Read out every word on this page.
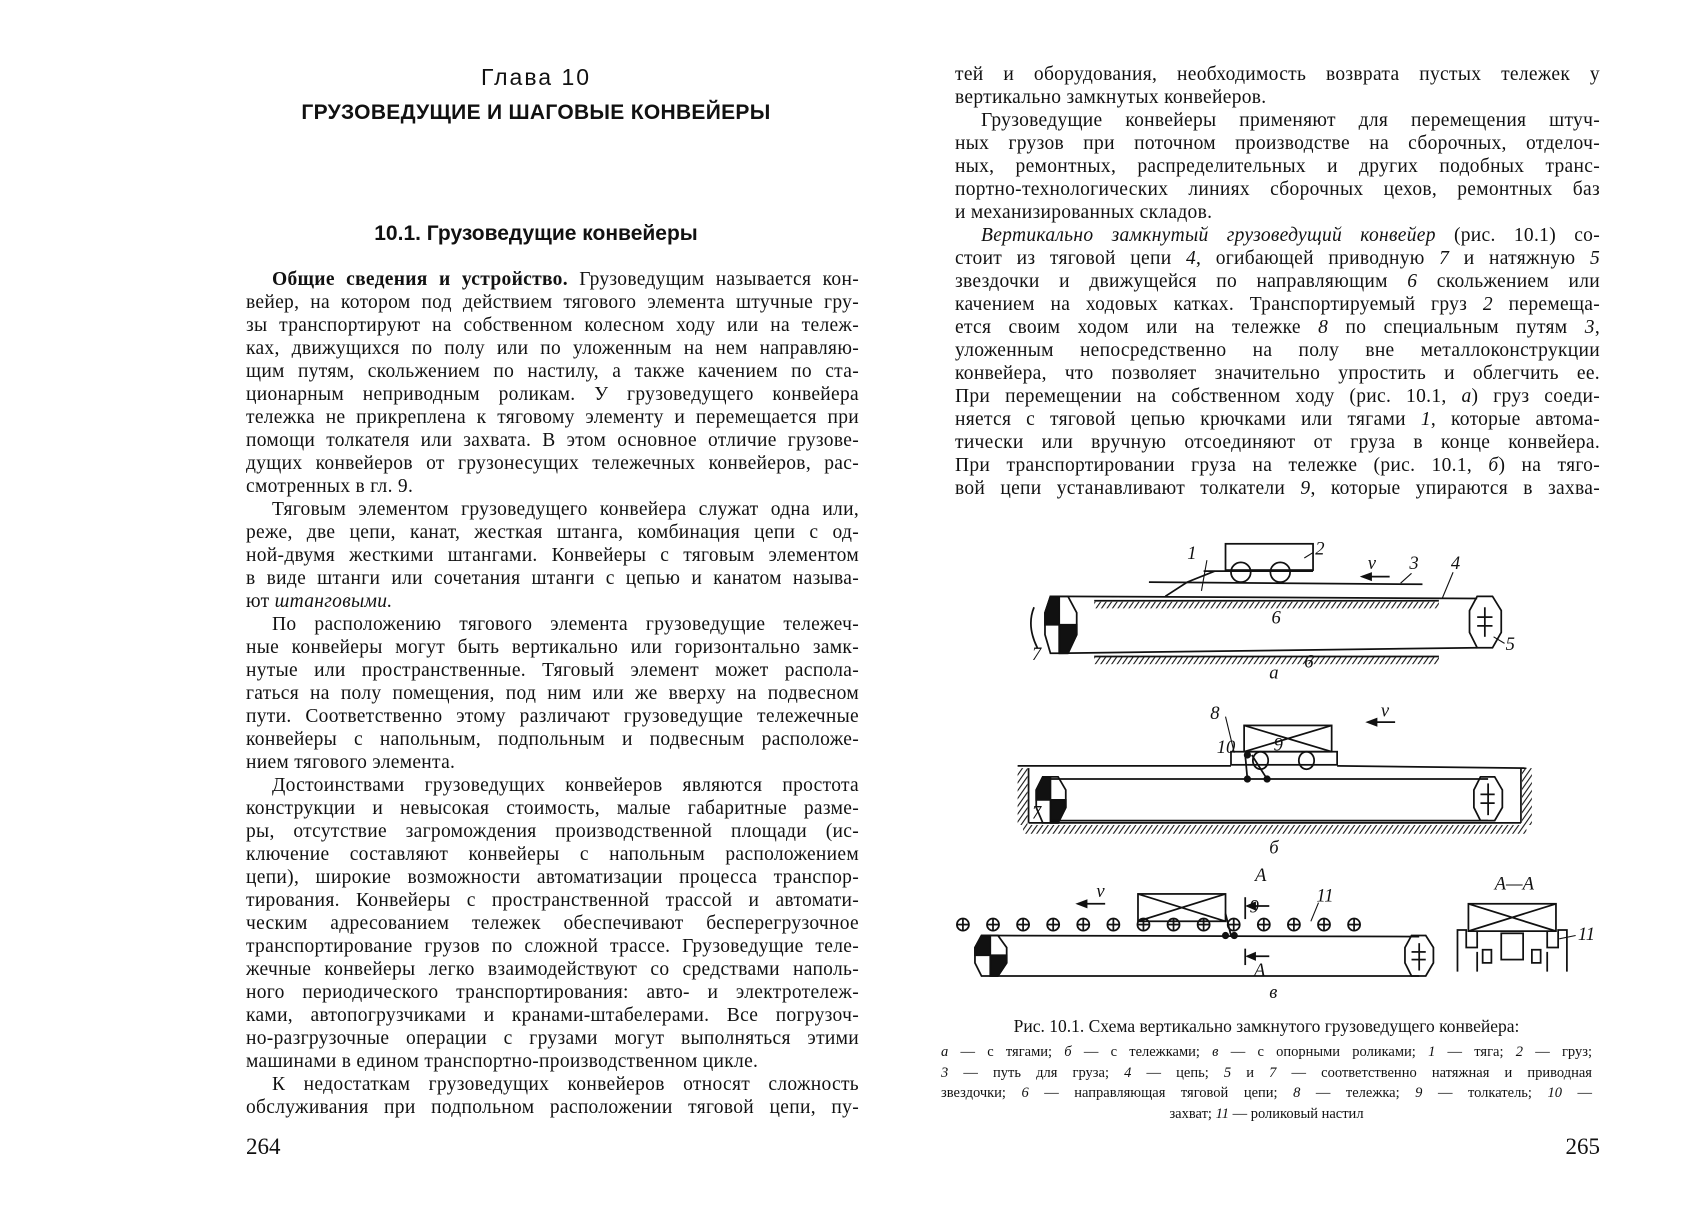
Глава 10
ГРУЗОВЕДУЩИЕ И ШАГОВЫЕ КОНВЕЙЕРЫ
10.1. Грузоведущие конвейеры
Общие сведения и устройство. Грузоведущим называется кон-
вейер, на котором под действием тягового элемента штучные гру-
зы транспортируют на собственном колесном ходу или на тележ-
ках, движущихся по полу или по уложенным на нем направляю-
щим путям, скольжением по настилу, а также качением по ста-
ционарным неприводным роликам. У грузоведущего конвейера
тележка не прикреплена к тяговому элементу и перемещается при
помощи толкателя или захвата. В этом основное отличие грузове-
дущих конвейеров от грузонесущих тележечных конвейеров, рас-
смотренных в гл. 9.
Тяговым элементом грузоведущего конвейера служат одна или,
реже, две цепи, канат, жесткая штанга, комбинация цепи с од-
ной-двумя жесткими штангами. Конвейеры с тяговым элементом
в виде штанги или сочетания штанги с цепью и канатом называ-
ют штанговыми.
По расположению тягового элемента грузоведущие тележеч-
ные конвейеры могут быть вертикально или горизонтально замк-
нутые или пространственные. Тяговый элемент может распола-
гаться на полу помещения, под ним или же вверху на подвесном
пути. Соответственно этому различают грузоведущие тележечные
конвейеры с напольным, подпольным и подвесным расположе-
нием тягового элемента.
Достоинствами грузоведущих конвейеров являются простота
конструкции и невысокая стоимость, малые габаритные разме-
ры, отсутствие загромождения производственной площади (ис-
ключение составляют конвейеры с напольным расположением
цепи), широкие возможности автоматизации процесса транспор-
тирования. Конвейеры с пространственной трассой и автомати-
ческим адресованием тележек обеспечивают бесперегрузочное
транспортирование грузов по сложной трассе. Грузоведущие теле-
жечные конвейеры легко взаимодействуют со средствами наполь-
ного периодического транспортирования: авто- и электротележ-
ками, автопогрузчиками и кранами-штабелерами. Все погрузоч-
но-разгрузочные операции с грузами могут выполняться этими
машинами в едином транспортно-производственном цикле.
К недостаткам грузоведущих конвейеров относят сложность
обслуживания при подпольном расположении тяговой цепи, пу-
тей и оборудования, необходимость возврата пустых тележек у
вертикально замкнутых конвейеров.
Грузоведущие конвейеры применяют для перемещения штуч-
ных грузов при поточном производстве на сборочных, отделоч-
ных, ремонтных, распределительных и других подобных транс-
портно-технологических линиях сборочных цехов, ремонтных баз
и механизированных складов.
Вертикально замкнутый грузоведущий конвейер (рис. 10.1) со-
стоит из тяговой цепи 4, огибающей приводную 7 и натяжную 5
звездочки и движущейся по направляющим 6 скольжением или
качением на ходовых катках. Транспортируемый груз 2 перемеща-
ется своим ходом или на тележке 8 по специальным путям 3,
уложенным непосредственно на полу вне металлоконструкции
конвейера, что позволяет значительно упростить и облегчить ее.
При перемещении на собственном ходу (рис. 10.1, а) груз соеди-
няется с тяговой цепью крючками или тягами 1, которые автома-
тически или вручную отсоединяют от груза в конце конвейера.
При транспортировании груза на тележке (рис. 10.1, б) на тяго-
вой цепи устанавливают толкатели 9, которые упираются в захва-
1	2
v 3 4
6
6
7	5
а
8
10 9
v
7
б
v
А
А
9
11
А—А
11
в
Рис. 10.1. Схема вертикально замкнутого грузоведущего конвейера:
а — с тягами; б — с тележками; в — с опорными роликами; 1 — тяга; 2 — груз;
3 — путь для груза; 4 — цепь; 5 и 7 — соответственно натяжная и приводная
звездочки; 6 — направляющая тяговой цепи; 8 — тележка; 9 — толкатель; 10 —
захват; 11 — роликовый настил
264	265
